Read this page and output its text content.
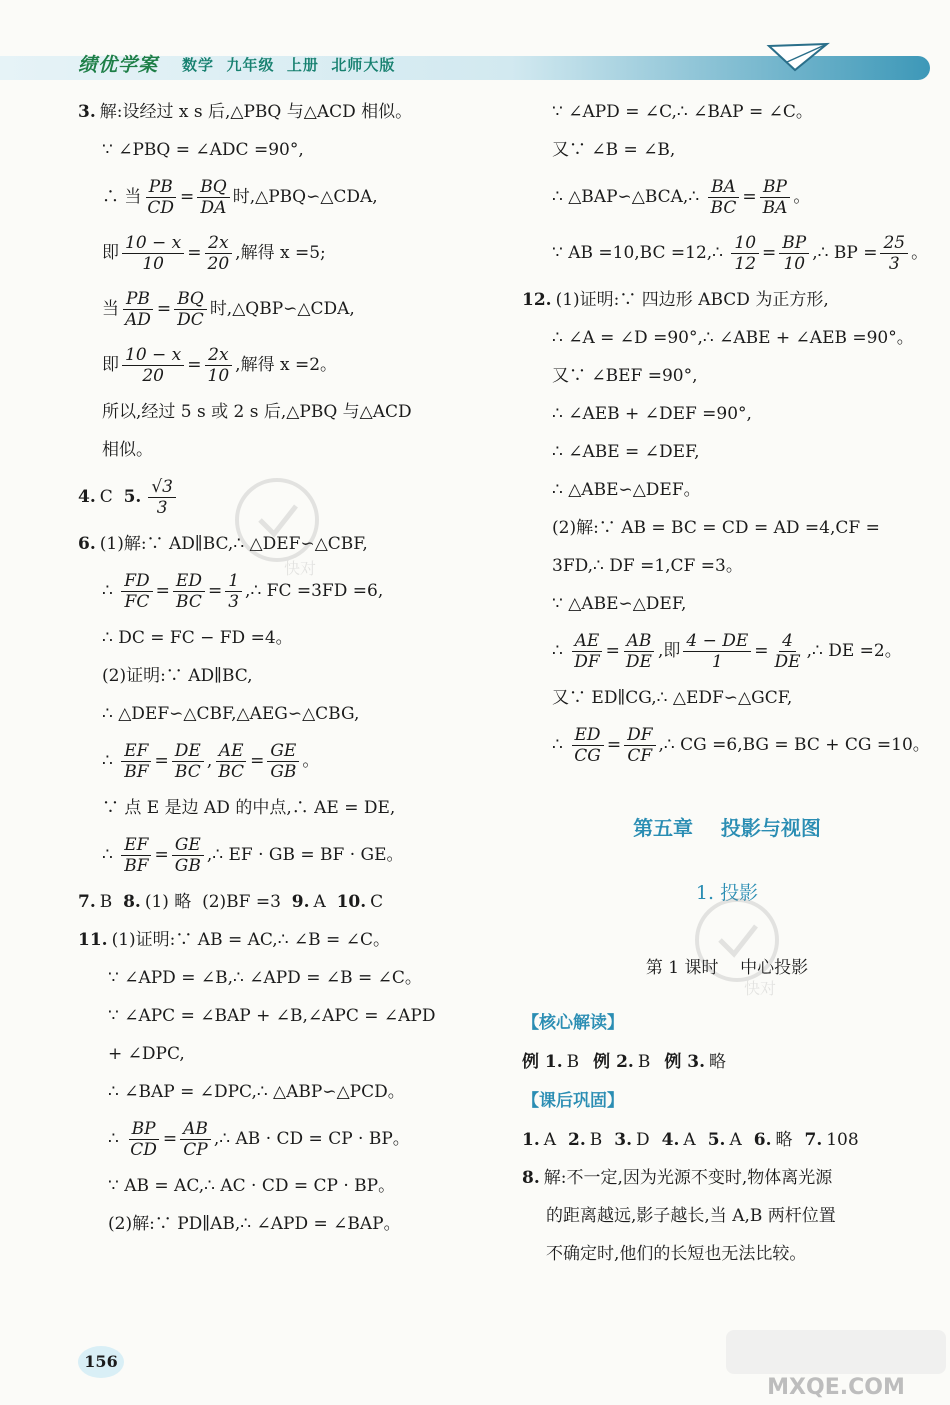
绩优学案 数学  九年级  上册  北师大版
3. 解:设经过 x s 后,△PBQ 与△ACD 相似。
∵ ∠PBQ = ∠ADC =90°,
∴ 当 $\frac{PB}{CD} = \frac{BQ}{DA}$ 时,△PBQ∽△CDA,
即 $\frac{10 - x}{10} = \frac{2x}{20}$ ,解得 x =5;
当 $\frac{PB}{AD} = \frac{BQ}{DC}$ 时,△QBP∽△CDA,
即 $\frac{10 - x}{20} = \frac{2x}{10}$ ,解得 x =2。
所以,经过 5 s 或 2 s 后,△PBQ 与△ACD
相似。
4. C 5. $\frac{√3}{3}$
6. (1)解:∵ AD∥BC,∴ △DEF∽△CBF,
∴ $\frac{FD}{FC} = \frac{ED}{BC} = \frac{1}{3}$ ,∴ FC =3FD =6,
∴ DC = FC − FD =4。
(2)证明:∵ AD∥BC,
∴ △DEF∽△CBF,△AEG∽△CBG,
∴ $\frac{EF}{BF} = \frac{DE}{BC}$ , $\frac{AE}{BC} = \frac{GE}{GB}$ 。
∵ 点 E 是边 AD 的中点,∴ AE = DE,
∴ $\frac{EF}{BF} = \frac{GE}{GB}$ ,∴ EF · GB = BF · GE。
7. B 8. (1) 略  (2)BF =3 9. A 10. C
11. (1)证明:∵ AB = AC,∴ ∠B = ∠C。
∵ ∠APD = ∠B,∴ ∠APD = ∠B = ∠C。
∵ ∠APC = ∠BAP + ∠B,∠APC = ∠APD
+ ∠DPC,
∴ ∠BAP = ∠DPC,∴ △ABP∽△PCD。
∴ $\frac{BP}{CD} = \frac{AB}{CP}$ ,∴ AB · CD = CP · BP。
∵ AB = AC,∴ AC · CD = CP · BP。
(2)解:∵ PD∥AB,∴ ∠APD = ∠BAP。
∵ ∠APD = ∠C,∴ ∠BAP = ∠C。
又∵ ∠B = ∠B,
∴ △BAP∽△BCA,∴ $\frac{BA}{BC} = \frac{BP}{BA}$ 。
∵ AB =10,BC =12,∴ $\frac{10}{12} = \frac{BP}{10}$ ,∴ BP = $\frac{25}{3}$ 。
12. (1)证明:∵ 四边形 ABCD 为正方形,
∴ ∠A = ∠D =90°,∴ ∠ABE + ∠AEB =90°。
又∵ ∠BEF =90°,
∴ ∠AEB + ∠DEF =90°,
∴ ∠ABE = ∠DEF,
∴ △ABE∽△DEF。
(2)解:∵ AB = BC = CD = AD =4,CF =
3FD,∴ DF =1,CF =3。
∵ △ABE∽△DEF,
∴ $\frac{AE}{DF} = \frac{AB}{DE}$ ,即 $\frac{4 - DE}{1} = \frac{4}{DE}$ ,∴ DE =2。
又∵ ED∥CG,∴ △EDF∽△GCF,
∴ $\frac{ED}{CG} = \frac{DF}{CF}$ ,∴ CG =6,BG = BC + CG =10。
第五章    投影与视图
1. 投影
第 1 课时    中心投影
【核心解读】
例 1. B 例 2. B 例 3. 略
【课后巩固】
1. A 2. B 3. D 4. A 5. A 6. 略 7. 108
8. 解:不一定,因为光源不变时,物体离光源
的距离越远,影子越长,当 A,B 两杆位置
不确定时,他们的长短也无法比较。
快对
快对
156
MXQE.COM
